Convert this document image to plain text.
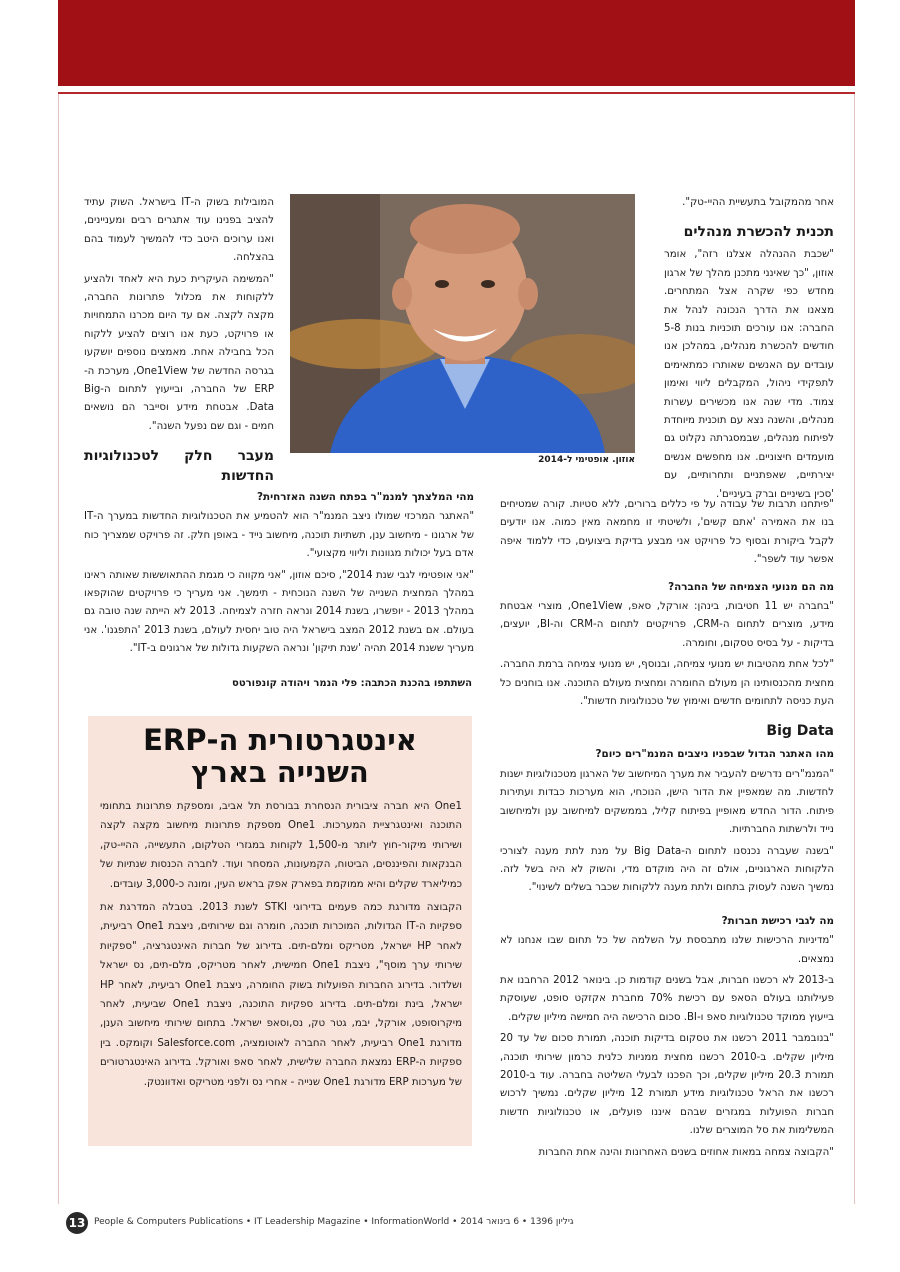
אחר מהמקובל בתעשיית ההיי-טק".

תכנית להכשרת מנהלים

"שכבת ההנהלה אצלנו רזה", אומר אוזון, "כך שאינני מתכנן מהלך של ארגון מחדש כפי שקרה אצל המתחרים. מצאנו את הדרך הנכונה לנהל את החברה: אנו עורכים תוכניות בנות 5-8 חודשים להכשרת מנהלים, במהלכן אנו עובדים עם האנשים שאותרו כמתאימים לתפקידי ניהול, המקבלים ליווי ואימון צמוד. מדי שנה אנו מכשירים עשרות מנהלים, והשנה נצא עם תוכנית מיוחדת לפיתוח מנהלים, שבמסגרתה נקלוט גם מועמדים חיצוניים. אנו מחפשים אנשים יצירתיים, שאפתניים ותחרותיים, עם 'סכין בשיניים וברק בעיניים'.

"פיתחנו תרבות של עבודה על פי כללים ברורים, ללא סטיות. קורה שמטיחים בנו את האמירה 'אתם קשים', ולשיטתי זו מחמאה מאין כמוה. אנו יודעים לקבל ביקורת ובסוף כל פרויקט אני מבצע בדיקת ביצועים, כדי ללמוד איפה אפשר עוד לשפר".

מה הם מנועי הצמיחה של החברה?

"בחברה יש 11 חטיבות, בינהן: אורקל, סאפ, One1View, מוצרי אבטחת מידע, מוצרים לתחום ה-CRM, פרויקטים לתחום ה-CRM וה-BI, יועצים, בדיקות - על בסיס טסקום, וחומרה.

"לכל אחת מהטיבות יש מנועי צמיחה, ובנוסף, יש מנועי צמיחה ברמת החברה. מחצית מהכנסותינו הן מעולם החומרה ומחצית מעולם התוכנה. אנו בוחנים כל העת כניסה לתחומים חדשים ואימוץ של טכנולוגיות חדשות".

Big Data
מהו האתגר הגדול שבפניו ניצבים המנמ"רים כיום?

"המנמ"רים נדרשים להעביר את מערך המיחשוב של הארגון מטכנולוגיות ישנות לחדשות. מה שמאפיין את הדור הישן, הנוכחי, הוא מערכות כבדות ועתירות פיתוח. הדור החדש מאופיין בפיתוח קליל, בממשקים למיחשוב ענן ולמיחשוב נייד ולרשתות החברתיות.

"בשנה שעברה נכנסנו לתחום ה-Big Data על מנת לתת מענה לצורכי הלקוחות הארגוניים, אולם זה היה מוקדם מדי, והשוק לא היה בשל לזה. נמשיך השנה לעסוק בתחום ולתת מענה ללקוחות שכבר בשלים לשינוי".

מה לגבי רכישת חברות?

"מדיניות הרכישות שלנו מתבססת על השלמה של כל תחום שבו אנחנו לא נמצאים.

ב-2013 לא רכשנו חברות, אבל בשנים קודמות כן. בינואר 2012 הרחבנו את פעילותנו בעולם הסאפ עם רכישת 70% מחברת אקזקט סופט, שעוסקת בייעוץ ממוקד טכנולוגיות סאפ ו-BI. סכום הרכישה היה חמישה מיליון שקלים.

"בנובמבר 2011 רכשנו את טסקום בדיקות תוכנה, תמורת סכום של עד 20 מיליון שקלים. ב-2010 רכשנו מחצית ממניות כלנית כרמון שירותי תוכנה, תמורת 20.3 מיליון שקלים, וכך הפכנו לבעלי השליטה בחברה. עוד ב-2010 רכשנו את הראל טכנולוגיות מידע תמורת 12 מיליון שקלים. נמשיך לרכוש חברות הפועלות במגזרים שבהם איננו פועלים, או טכנולוגיות חדשות המשלימות את סל המוצרים שלנו.

"הקבוצה צמחה במאות אחוזים בשנים האחרונות והינה אחת החברות

המובילות בשוק ה-IT בישראל. השוק עתיד להציב בפנינו עוד אתגרים רבים ומעניינים, ואנו ערוכים היטב כדי להמשיך לעמוד בהם בהצלחה.

"המשימה העיקרית כעת היא לאחד ולהציע ללקוחות את מכלול פתרונות החברה, מקצה לקצה. אם עד היום מכרנו התמחויות או פרויקט, כעת אנו רוצים להציע ללקוח הכל בחבילה אחת. מאמצים נוספים יושקעו בגרסה החדשה של One1View, מערכת ה-ERP של החברה, ובייעוץ לתחום ה-Big Data. אבטחת מידע וסייבר הם נושאים חמים - וגם שם נפעל השנה".

מעבר חלק לטכנולוגיות החדשות
אוזון. אופטימי ל-2014
מהי המלצתך למנמ"ר בפתח השנה האזרחית?

"האתגר המרכזי שמולו ניצב המנמ"ר הוא להטמיע את הטכנולוגיות החדשות במערך ה-IT של ארגונו - מיחשוב ענן, תשתיות תוכנה, מיחשוב נייד - באופן חלק. זה פרויקט שמצריך כוח אדם בעל יכולות מגוונות וליווי מקצועי".

"אני אופטימי לגבי שנת 2014", סיכם אוזון, "אני מקווה כי מגמת ההתאוששות שאותה ראינו במהלך המחצית השנייה של השנה הנוכחית - תימשך. אני מעריך כי פרויקטים שהוקפאו במהלך 2013 - יופשרו, בשנת 2014 ונראה חזרה לצמיחה. 2013 לא הייתה שנה טובה גם בעולם. אם בשנת 2012 המצב בישראל היה טוב יחסית לעולם, בשנת 2013 'התפגנו'. אני מעריך ששנת 2014 תהיה 'שנת תיקון' ונראה השקעות גדולות של ארגונים ב-IT".

השתתפו בהכנת הכתבה: פלי הנמר ויהודה קונפורטס
אינטגרטורית ה-ERP
השנייה בארץ

One1 היא חברה ציבורית הנסחרת בבורסת תל אביב, ומספקת פתרונות בתחומי התוכנה ואינטגרציית המערכות. One1 מספקת פתרונות מיחשוב מקצה לקצה ושירותי מיקור-חוץ ליותר מ-1,500 לקוחות במגזרי הטלקום, התעשייה, ההיי-טק, הבנקאות והפיננסים, הביטוח, הקמעונות, המסחר ועוד. לחברה הכנסות שנתיות של כמיליארד שקלים והיא ממוקמת בפארק אפק בראש העין, ומונה כ-3,000 עובדים.

הקבוצה מדורגת כמה פעמים בדירוגי STKI לשנת 2013. בטבלה המדרגת את ספקיות ה-IT הגדולות, המוכרות תוכנה, חומרה וגם שירותים, ניצבת One1 רביעית, לאחר HP ישראל, מטריקס ומלם-תים. בדירוג של חברות האינטגרציה, "ספקיות שירותי ערך מוסף", ניצבת One1 חמישית, לאחר מטריקס, מלם-תים, נס ישראל ושלדור. בדירוג החברות הפועלות בשוק החומרה, ניצבת One1 רביעית, לאחר HP ישראל, בינת ומלם-תים. בדירוג ספקיות התוכנה, ניצבת One1 שביעית, לאחר מיקרוסופט, אורקל, יבמ, גטר טק, נס,וסאפ ישראל. בתחום שירותי מיחשוב הענן, מדורגת One1 רביעית, לאחר החברה לאוטומציה, Salesforce.com וקומקס. בין ספקיות ה-ERP נמצאת החברה שלישית, לאחר סאפ ואורקל. בדירוג האינטגרטורים של מערכות ERP מדורגת One1 שנייה - אחרי נס ולפני מטריקס ואדוונטק.

13 People & Computers Publications • IT Leadership Magazine • InformationWorld • גיליון 1396 • 6 בינואר 2014
